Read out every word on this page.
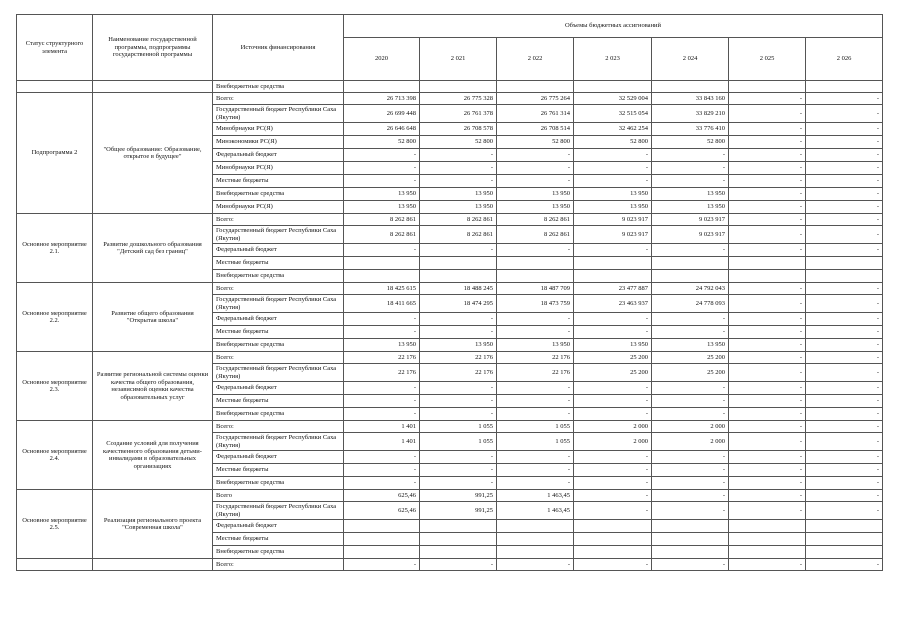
Статус структурного элемента	Наименование государственной программы, подпрограммы государственной программы	Источник финансирования	Объемы бюджетных ассигнований						
			2020	2 021	2 022	2 023	2 024	2 025	2 026
		Внебюджетные средства							
Подпрограмма 2	"Общее образование: Образование, открытое в будущее"	Всего:	26 713 398	26 775 328	26 775 264	32 529 004	33 843 160	-	-
		Государственный бюджет Республики Саха (Якутия)	26 699 448	26 761 378	26 761 314	32 515 054	33 829 210	-	-
		Минобрнауки РС(Я)	26 646 648	26 708 578	26 708 514	32 462 254	33 776 410	-	-
		Минэкономики РС(Я)	52 800	52 800	52 800	52 800	52 800	-	-
		Федеральный бюджет	-	-	-	-	-	-	-
		Минобрнауки РС(Я)	-	-	-	-	-	-	-
		Местные бюджеты	-	-	-	-	-	-	-
		Внебюджетные средства	13 950	13 950	13 950	13 950	13 950	-	-
		Минобрнауки РС(Я)	13 950	13 950	13 950	13 950	13 950	-	-
Основное мероприятие 2.1.	Развитие дошкольного образования "Детский сад без границ"	Всего:	8 262 861	8 262 861	8 262 861	9 023 917	9 023 917	-	-
		Государственный бюджет Республики Саха (Якутия)	8 262 861	8 262 861	8 262 861	9 023 917	9 023 917	-	-
		Федеральный бюджет	-	-	-	-	-	-	-
		Местные бюджеты							
		Внебюджетные средства							
Основное мероприятие 2.2.	Развитие общего образования "Открытая школа"	Всего:	18 425 615	18 488 245	18 487 709	23 477 887	24 792 043	-	-
		Государственный бюджет Республики Саха (Якутия)	18 411 665	18 474 295	18 473 759	23 463 937	24 778 093	-	-
		Федеральный бюджет	-	-	-	-	-	-	-
		Местные бюджеты	-	-	-	-	-	-	-
		Внебюджетные средства	13 950	13 950	13 950	13 950	13 950	-	-
Основное мероприятие 2.3.	Развитие региональной системы оценки качества общего образования, независимой оценки качества образовательных услуг	Всего:	22 176	22 176	22 176	25 200	25 200	-	-
		Государственный бюджет Республики Саха (Якутия)	22 176	22 176	22 176	25 200	25 200	-	-
		Федеральный бюджет	-	-	-	-	-	-	-
		Местные бюджеты	-	-	-	-	-	-	-
		Внебюджетные средства	-	-	-	-	-	-	-
Основное мероприятие 2.4.	Создание условий для получения качественного образования детьми-инвалидами в образовательных организациях	Всего:	1 401	1 055	1 055	2 000	2 000	-	-
		Государственный бюджет Республики Саха (Якутия)	1 401	1 055	1 055	2 000	2 000	-	-
		Федеральный бюджет	-	-	-	-	-	-	-
		Местные бюджеты	-	-	-	-	-	-	-
		Внебюджетные средства	-	-	-	-	-	-	-
Основное мероприятие 2.5.	Реализация регионального проекта "Современная школа"	Всего	625,46	991,25	1 463,45	-	-	-	-
		Государственный бюджет Республики Саха (Якутия)	625,46	991,25	1 463,45	-	-	-	-
		Федеральный бюджет							
		Местные бюджеты							
		Внебюджетные средства							
		Всего:	-	-	-	-	-	-	-
